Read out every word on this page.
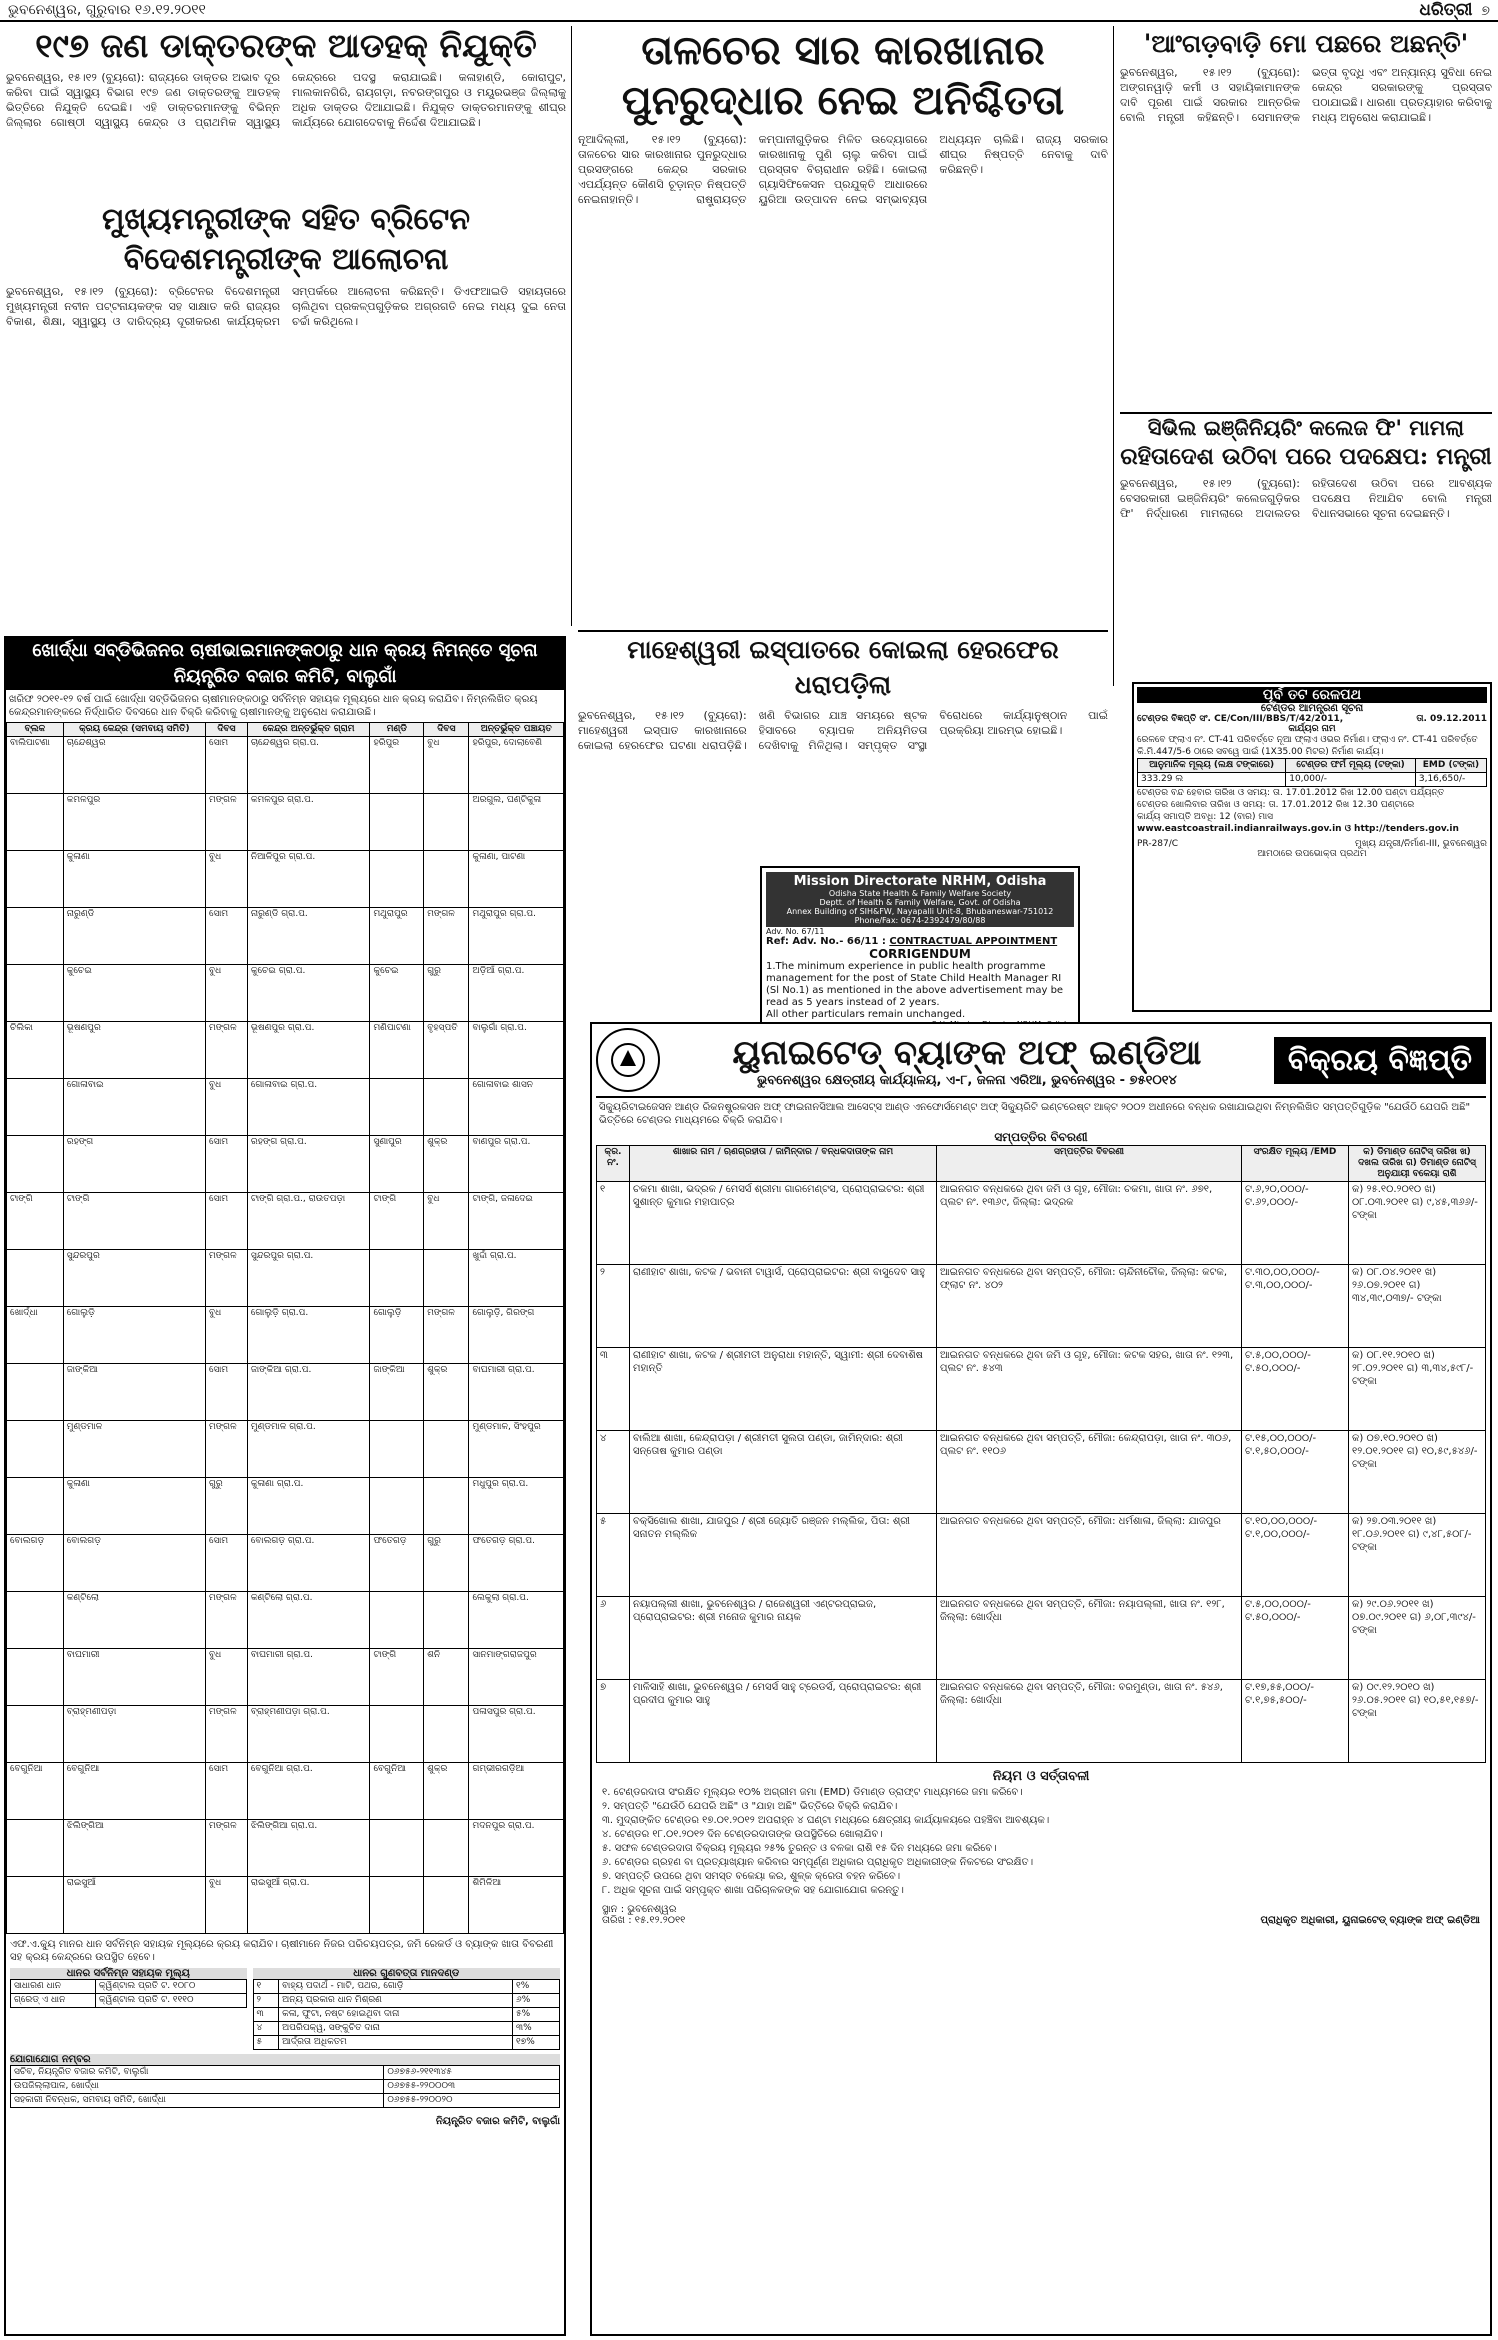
ଭୁବନେଶ୍ୱର, ଗୁରୁବାର ୧୬.୧୨.୨୦୧୧	ଧରିତ୍ରୀ ୭
୧୯୭ ଜଣ ଡାକ୍ତରଙ୍କ ଆଡହକ୍ ନିଯୁକ୍ତି
ଭୁବନେଶ୍ୱର, ୧୫।୧୨ (ବ୍ୟୁରୋ): ରାଜ୍ୟରେ ଡାକ୍ତର ଅଭାବ ଦୂର କରିବା ପାଇଁ ସ୍ୱାସ୍ଥ୍ୟ ବିଭାଗ ୧୯୭ ଜଣ ଡାକ୍ତରଙ୍କୁ ଆଡହକ୍ ଭିତ୍ତିରେ ନିଯୁକ୍ତି ଦେଇଛି। ଏହି ଡାକ୍ତରମାନଙ୍କୁ ବିଭିନ୍ନ ଜିଲ୍ଲାର ଗୋଷ୍ଠୀ ସ୍ୱାସ୍ଥ୍ୟ କେନ୍ଦ୍ର ଓ ପ୍ରାଥମିକ ସ୍ୱାସ୍ଥ୍ୟ କେନ୍ଦ୍ରରେ ପଦସ୍ଥ କରାଯାଇଛି। କଳାହାଣ୍ଡି, କୋରାପୁଟ, ମାଲକାନଗିରି, ରାୟଗଡ଼ା, ନବରଙ୍ଗପୁର ଓ ମୟୂରଭଞ୍ଜ ଜିଲ୍ଲାକୁ ଅଧିକ ଡାକ୍ତର ଦିଆଯାଇଛି। ନିଯୁକ୍ତ ଡାକ୍ତରମାନଙ୍କୁ ଶୀଘ୍ର କାର୍ଯ୍ୟରେ ଯୋଗଦେବାକୁ ନିର୍ଦ୍ଦେଶ ଦିଆଯାଇଛି।
ମୁଖ୍ୟମନ୍ତ୍ରୀଙ୍କ ସହିତ ବ୍ରିଟେନ ବିଦେଶମନ୍ତ୍ରୀଙ୍କ ଆଲୋଚନା
ଭୁବନେଶ୍ୱର, ୧୫।୧୨ (ବ୍ୟୁରୋ): ବ୍ରିଟେନର ବିଦେଶମନ୍ତ୍ରୀ ମୁଖ୍ୟମନ୍ତ୍ରୀ ନବୀନ ପଟ୍ଟନାୟକଙ୍କ ସହ ସାକ୍ଷାତ କରି ରାଜ୍ୟର ବିକାଶ, ଶିକ୍ଷା, ସ୍ୱାସ୍ଥ୍ୟ ଓ ଦାରିଦ୍ର୍ୟ ଦୂରୀକରଣ କାର୍ଯ୍ୟକ୍ରମ ସମ୍ପର୍କରେ ଆଲୋଚନା କରିଛନ୍ତି। ଡିଏଫଆଇଡି ସହାୟତାରେ ଚାଲିଥିବା ପ୍ରକଳ୍ପଗୁଡ଼ିକର ଅଗ୍ରଗତି ନେଇ ମଧ୍ୟ ଦୁଇ ନେତା ଚର୍ଚ୍ଚା କରିଥିଲେ।
ତାଳଚେର ସାର କାରଖାନାର
ପୁନରୁଦ୍ଧାର ନେଇ ଅନିଶ୍ଚିତତା
ନୂଆଦିଲ୍ଲୀ, ୧୫।୧୨ (ବ୍ୟୁରୋ): ତାଳଚେର ସାର କାରଖାନାର ପୁନରୁଦ୍ଧାର ପ୍ରସଙ୍ଗରେ କେନ୍ଦ୍ର ସରକାର ଏପର୍ଯ୍ୟନ୍ତ କୌଣସି ଚୂଡ଼ାନ୍ତ ନିଷ୍ପତ୍ତି ନେଇନାହାନ୍ତି। ରାଷ୍ଟ୍ରାୟତ୍ତ କମ୍ପାନୀଗୁଡ଼ିକର ମିଳିତ ଉଦ୍ୟୋଗରେ କାରଖାନାକୁ ପୁଣି ଚାଲୁ କରିବା ପାଇଁ ପ୍ରସ୍ତାବ ବିଚାରାଧୀନ ରହିଛି। କୋଇଲା ଗ୍ୟାସିଫିକେସନ ପ୍ରଯୁକ୍ତି ଆଧାରରେ ୟୁରିଆ ଉତ୍ପାଦନ ନେଇ ସମ୍ଭାବ୍ୟତା ଅଧ୍ୟୟନ ଚାଲିଛି। ରାଜ୍ୟ ସରକାର ଶୀଘ୍ର ନିଷ୍ପତ୍ତି ନେବାକୁ ଦାବି କରିଛନ୍ତି।
'ଆଂଗଡ଼ବାଡ଼ି ମୋ ପଛରେ ଅଛନ୍ତି'
ଭୁବନେଶ୍ୱର, ୧୫।୧୨ (ବ୍ୟୁରୋ): ଅଙ୍ଗନୱାଡ଼ି କର୍ମୀ ଓ ସହାୟିକାମାନଙ୍କ ଦାବି ପୂରଣ ପାଇଁ ସରକାର ଆନ୍ତରିକ ବୋଲି ମନ୍ତ୍ରୀ କହିଛନ୍ତି। ସେମାନଙ୍କ ଭତ୍ତା ବୃଦ୍ଧି ଏବଂ ଅନ୍ୟାନ୍ୟ ସୁବିଧା ନେଇ କେନ୍ଦ୍ର ସରକାରଙ୍କୁ ପ୍ରସ୍ତାବ ପଠାଯାଇଛି। ଧାରଣା ପ୍ରତ୍ୟାହାର କରିବାକୁ ମଧ୍ୟ ଅନୁରୋଧ କରାଯାଇଛି।
ସିଭିଲ ଇଞ୍ଜିନିୟରିଂ କଲେଜ ଫି' ମାମଲା
ରହିତାଦେଶ ଉଠିବା ପରେ ପଦକ୍ଷେପ: ମନ୍ତ୍ରୀ
ଭୁବନେଶ୍ୱର, ୧୫।୧୨ (ବ୍ୟୁରୋ): ବେସରକାରୀ ଇଞ୍ଜିନିୟରିଂ କଲେଜଗୁଡ଼ିକର ଫି' ନିର୍ଦ୍ଧାରଣ ମାମଲାରେ ଅଦାଲତର ରହିତାଦେଶ ଉଠିବା ପରେ ଆବଶ୍ୟକ ପଦକ୍ଷେପ ନିଆଯିବ ବୋଲି ମନ୍ତ୍ରୀ ବିଧାନସଭାରେ ସୂଚନା ଦେଇଛନ୍ତି।
ମାହେଶ୍ୱରୀ ଇସ୍ପାତରେ କୋଇଲା ହେରଫେର ଧରାପଡ଼ିଲା
ଭୁବନେଶ୍ୱର, ୧୫।୧୨ (ବ୍ୟୁରୋ): ମାହେଶ୍ୱରୀ ଇସ୍ପାତ କାରଖାନାରେ କୋଇଲା ହେରଫେର ଘଟଣା ଧରାପଡ଼ିଛି। ଖଣି ବିଭାଗର ଯାଞ୍ଚ ସମୟରେ ଷ୍ଟକ ହିସାବରେ ବ୍ୟାପକ ଅନିୟମିତତା ଦେଖିବାକୁ ମିଳିଥିଲା। ସମ୍ପୃକ୍ତ ସଂସ୍ଥା ବିରୋଧରେ କାର୍ଯ୍ୟାନୁଷ୍ଠାନ ପାଇଁ ପ୍ରକ୍ରିୟା ଆରମ୍ଭ ହୋଇଛି।
Mission Directorate NRHM, Odisha
Odisha State Health & Family Welfare Society
Deptt. of Health & Family Welfare, Govt. of Odisha
Annex Building of SIH&FW, Nayapalli Unit-8, Bhubaneswar-751012
Phone/Fax: 0674-2392479/80/88
Adv. No. 67/11
Ref: Adv. No.- 66/11 : CONTRACTUAL APPOINTMENT
CORRIGENDUM
1.The minimum experience in public health programme management for the post of State Child Health Manager RI (Sl No.1) as mentioned in the above advertisement may be read as 5 years instead of 2 years.
All other particulars remain unchanged.
ପୂର୍ବ ତଟ ରେଳପଥ
ଟେଣ୍ଡର ଆମନ୍ତ୍ରଣ ସୂଚନା
ଟେଣ୍ଡର ବିଜ୍ଞପ୍ତି ସଂ. CE/Con/III/BBS/T/42/2011,	ତା. 09.12.2011
କାର୍ଯ୍ୟର ନାମ
ରେଳବେ ଫ୍ଲାଏ ନଂ. CT-41 ପରିବର୍ତ୍ତେ ନୂଆ ଫ୍ଲାଏ ଓଭର ନିର୍ମାଣ। ଫ୍ଲାଏ ନଂ. CT-41 ପରିବର୍ତ୍ତେ କି.ମି.447/5-6 ଠାରେ ସବୱେ ପାଇଁ (1X35.00 ମିଟର) ନିର୍ମାଣ କାର୍ଯ୍ୟ।
ଆନୁମାନିକ ମୂଲ୍ୟ (ଲକ୍ଷ ଟଙ୍କାରେ)	ଟେଣ୍ଡର ଫର୍ମ ମୂଲ୍ୟ (ଟଙ୍କା)	EMD (ଟଙ୍କା)
333.29 ଲ	10,000/-	3,16,650/-
ଟେଣ୍ଡର ବନ୍ଦ ହେବାର ତାରିଖ ଓ ସମୟ: ତା. 17.01.2012 ରିଖ 12.00 ଘଣ୍ଟା ପର୍ଯ୍ୟନ୍ତ
ଟେଣ୍ଡର ଖୋଲିବାର ତାରିଖ ଓ ସମୟ: ତା. 17.01.2012 ରିଖ 12.30 ଘଣ୍ଟାରେ
କାର୍ଯ୍ୟ ସମାପ୍ତି ଅବଧି: 12 (ବାର) ମାସ
www.eastcoastrail.indianrailways.gov.in ଓ http://tenders.gov.in
PR-287/C	ମୁଖ୍ୟ ଯନ୍ତ୍ରୀ/ନିର୍ମାଣ-III, ଭୁବନେଶ୍ୱର
ଆମଠାରେ ଉପଭୋକ୍ତା ପ୍ରଥମ
ଖୋର୍ଦ୍ଧା ସବ୍‌ଡିଭିଜନର ଚାଷୀଭାଇମାନଙ୍କଠାରୁ ଧାନ କ୍ରୟ ନିମନ୍ତେ ସୂଚନା
ନିୟନ୍ତ୍ରିତ ବଜାର କମିଟି, ବାଲୁଗାଁ
ଖରିଫ ୨୦୧୧-୧୨ ବର୍ଷ ପାଇଁ ଖୋର୍ଦ୍ଧା ସବ୍‌ଡିଭିଜନର ଚାଷୀମାନଙ୍କଠାରୁ ସର୍ବନିମ୍ନ ସହାୟକ ମୂଲ୍ୟରେ ଧାନ କ୍ରୟ କରାଯିବ। ନିମ୍ନଲିଖିତ କ୍ରୟ କେନ୍ଦ୍ରମାନଙ୍କରେ ନିର୍ଦ୍ଧାରିତ ଦିବସରେ ଧାନ ବିକ୍ରି କରିବାକୁ ଚାଷୀମାନଙ୍କୁ ଅନୁରୋଧ କରାଯାଉଛି।
ବ୍ଲକ	କ୍ରୟ କେନ୍ଦ୍ର (ସମବାୟ ସମିତି)	ଦିବସ	କେନ୍ଦ୍ର ଅନ୍ତର୍ଭୁକ୍ତ ଗ୍ରାମ	ମଣ୍ଡି	ଦିବସ	ଅନ୍ତର୍ଭୁକ୍ତ ପଞ୍ଚାୟତ
ବାଲିପାଟଣା	ଚାନ୍ଦେଶ୍ୱର	ସୋମ	ଚାନ୍ଦେଶ୍ୱର ଗ୍ରା.ପ.	ହରିପୁର	ବୁଧ	ହରିପୁର, ଦୋଲାବେଣି
	କମଳପୁର	ମଙ୍ଗଳ	କମଳପୁର ଗ୍ରା.ପ.			ଅରଗୁଲ, ଘଣ୍ଟିକୁଳା
	କୁଳାଣା	ବୁଧ	ନିଆଳିପୁର ଗ୍ରା.ପ.			କୁଳାଣା, ପାଟଣା
	ନାରୁଣ୍ଡି	ସୋମ	ନାରୁଣ୍ଡି ଗ୍ରା.ପ.	ମଥୁରାପୁର	ମଙ୍ଗଳ	ମଥୁରାପୁର ଗ୍ରା.ପ.
	କୁଚେଇ	ବୁଧ	କୁଚେଇ ଗ୍ରା.ପ.	କୁଚେଇ	ଗୁରୁ	ଅଡ଼ିଆଁ ଗ୍ରା.ପ.
ଚିଲିକା	ଭୂଷଣପୁର	ମଙ୍ଗଳ	ଭୂଷଣପୁର ଗ୍ରା.ପ.	ମଣିପାଟଣା	ବୃହସ୍ପତି	ବାଲୁଗାଁ ଗ୍ରା.ପ.
	ଗୋଳାବାଇ	ବୁଧ	ଗୋଳାବାଇ ଗ୍ରା.ପ.			ଗୋଳାବାଇ ଶାସନ
	ରହଙ୍ଗ	ସୋମ	ରହଙ୍ଗ ଗ୍ରା.ପ.	ସୁଣାପୁର	ଶୁକ୍ର	ବାଣପୁର ଗ୍ରା.ପ.
ଟାଙ୍ଗି	ଟାଙ୍ଗି	ସୋମ	ଟାଙ୍ଗି ଗ୍ରା.ପ., ରାଉତପଡ଼ା	ଟାଙ୍ଗି	ବୁଧ	ଟାଙ୍ଗି, ଜଳାଦେଇ
	ସୁନ୍ଦରପୁର	ମଙ୍ଗଳ	ସୁନ୍ଦରପୁର ଗ୍ରା.ପ.			ଖୁର୍ଦ୍ଦା ଗ୍ରା.ପ.
ଖୋର୍ଦ୍ଧା	ଗୋଲୁଡ଼ି	ବୁଧ	ଗୋଲୁଡ଼ି ଗ୍ରା.ପ.	ଗୋଲୁଡ଼ି	ମଙ୍ଗଳ	ଗୋଲୁଡ଼ି, ଗିରଙ୍ଗ
	ଜାଙ୍କିଆ	ସୋମ	ଜାଙ୍କିଆ ଗ୍ରା.ପ.	ଜାଙ୍କିଆ	ଶୁକ୍ର	ବାଘମାରୀ ଗ୍ରା.ପ.
	ମୁଣ୍ଡମାଳ	ମଙ୍ଗଳ	ମୁଣ୍ଡମାଳ ଗ୍ରା.ପ.			ମୁଣ୍ଡମାଳ, ସିଂହପୁର
	କୁଳାଣା	ଗୁରୁ	କୁଳାଣା ଗ୍ରା.ପ.			ମଧୁପୁର ଗ୍ରା.ପ.
ବୋଲଗଡ଼	ବୋଲଗଡ଼	ସୋମ	ବୋଲଗଡ଼ ଗ୍ରା.ପ.	ଫତେଗଡ଼	ଗୁରୁ	ଫତେଗଡ଼ ଗ୍ରା.ପ.
	କଣ୍ଟିଲୋ	ମଙ୍ଗଳ	କଣ୍ଟିଲୋ ଗ୍ରା.ପ.			ଲେକୁଲା ଗ୍ରା.ପ.
	ବାଘମାରୀ	ବୁଧ	ବାଘମାରୀ ଗ୍ରା.ପ.	ଟାଙ୍ଗି	ଶନି	ସାନମାଙ୍ଗରାଜପୁର
	ବ୍ରାହ୍ମଣୀପଡ଼ା	ମଙ୍ଗଳ	ବ୍ରାହ୍ମଣୀପଡ଼ା ଗ୍ରା.ପ.			ପଳାସପୁର ଗ୍ରା.ପ.
ବେଗୁନିଆ	ବେଗୁନିଆ	ସୋମ	ବେଗୁନିଆ ଗ୍ରା.ପ.	ବେଗୁନିଆ	ଶୁକ୍ର	ଗମ୍ଭୀରଗଡ଼ିଆ
	ଝିଲିଙ୍ଗିଆ	ମଙ୍ଗଳ	ଝିଲିଙ୍ଗିଆ ଗ୍ରା.ପ.			ମଦନପୁର ଗ୍ରା.ପ.
	ରାଇସୁଆଁ	ବୁଧ	ରାଇସୁଆଁ ଗ୍ରା.ପ.			ଶିମିଳିଆ
ଏଫ.ଏ.କ୍ୟୁ ମାନର ଧାନ ସର୍ବନିମ୍ନ ସହାୟକ ମୂଲ୍ୟରେ କ୍ରୟ କରାଯିବ। ଚାଷୀମାନେ ନିଜର ପରିଚୟପତ୍ର, ଜମି ରେକର୍ଡ ଓ ବ୍ୟାଙ୍କ ଖାତା ବିବରଣୀ ସହ କ୍ରୟ କେନ୍ଦ୍ରରେ ଉପସ୍ଥିତ ହେବେ।
ଧାନର ସର୍ବନିମ୍ନ ସହାୟକ ମୂଲ୍ୟ
ସାଧାରଣ ଧାନ	କ୍ୱିଣ୍ଟାଲ ପ୍ରତି ଟ. ୧୦୮୦
ଗ୍ରେଡ୍ ଏ ଧାନ	କ୍ୱିଣ୍ଟାଲ ପ୍ରତି ଟ. ୧୧୧୦
ଧାନର ଗୁଣବତ୍ତା ମାନଦଣ୍ଡ
୧	ବାହ୍ୟ ପଦାର୍ଥ - ମାଟି, ପଥର, ଗୋଡ଼ି	୧%
୨	ଅନ୍ୟ ପ୍ରକାର ଧାନ ମିଶ୍ରଣ	୬%
୩	କଳା, ଫୁଟା, ନଷ୍ଟ ହୋଇଥିବା ଦାନା	୫%
୪	ଅପରିପକ୍ୱ, ସଙ୍କୁଚିତ ଦାନା	୩%
୫	ଆର୍ଦ୍ରତା ଅଧିକତମ	୧୭%
ଯୋଗାଯୋଗ ନମ୍ବର
ସଚିବ, ନିୟନ୍ତ୍ରିତ ବଜାର କମିଟି, ବାଲୁଗାଁ	୦୬୭୫୬-୨୧୧୩୪୫
ଉପଜିଲ୍ଲାପାଳ, ଖୋର୍ଦ୍ଧା	୦୬୭୫୫-୨୨୦୦୦୩
ସହକାରୀ ନିବନ୍ଧକ, ସମବାୟ ସମିତି, ଖୋର୍ଦ୍ଧା	୦୬୭୫୫-୨୨୦୦୨୦
ନିୟନ୍ତ୍ରିତ ବଜାର କମିଟି, ବାଲୁଗାଁ
ୟୁନାଇଟେଡ୍ ବ୍ୟାଙ୍କ ଅଫ୍ ଇଣ୍ଡିଆ
ଭୁବନେଶ୍ୱର କ୍ଷେତ୍ରୀୟ କାର୍ଯ୍ୟାଳୟ, ଏ-୮, ଜଳନା ଏରିଆ, ଭୁବନେଶ୍ୱର - ୭୫୧୦୧୪
ବିକ୍ରୟ ବିଜ୍ଞପ୍ତି
ସିକ୍ୟୁରିଟାଇଜେସନ ଆଣ୍ଡ ରିକନଷ୍ଟ୍ରକସନ ଅଫ୍ ଫାଇନାନସିଆଲ ଆସେଟ୍ସ ଆଣ୍ଡ ଏନଫୋର୍ସମେଣ୍ଟ ଅଫ୍ ସିକ୍ୟୁରିଟି ଇଣ୍ଟରେଷ୍ଟ ଆକ୍ଟ ୨୦୦୨ ଅଧୀନରେ ବନ୍ଧକ ରଖାଯାଇଥିବା ନିମ୍ନଲିଖିତ ସମ୍ପତ୍ତିଗୁଡ଼ିକ "ଯେଉଁଠି ଯେପରି ଅଛି" ଭିତ୍ତିରେ ଟେଣ୍ଡର ମାଧ୍ୟମରେ ବିକ୍ରି କରାଯିବ।
ସମ୍ପତ୍ତିର ବିବରଣୀ
କ୍ର. ନଂ.	ଶାଖାର ନାମ / ଋଣଗ୍ରହୀତା / ଜାମିନ୍‌ଦାର / ବନ୍ଧକଦାତାଙ୍କ ନାମ	ସମ୍ପତ୍ତିର ବିବରଣୀ	ସଂରକ୍ଷିତ ମୂଲ୍ୟ /EMD	କ) ଡିମାଣ୍ଡ ନୋଟିସ୍ ତାରିଖ ଖ) ଦଖଲ ତାରିଖ ଗ) ଡିମାଣ୍ଡ ନୋଟିସ୍ ଅନୁଯାୟୀ ବକେୟା ରାଶି
୧	ଚକମା ଶାଖା, ଭଦ୍ରକ / ମେସର୍ସ ଶ୍ରୀମା ଗାରମେଣ୍ଟସ, ପ୍ରୋପ୍ରାଇଟର: ଶ୍ରୀ ସୁଶାନ୍ତ କୁମାର ମହାପାତ୍ର	ଆଇନଗତ ବନ୍ଧକରେ ଥିବା ଜମି ଓ ଗୃହ, ମୌଜା: ଚକମା, ଖାତା ନଂ. ୬୭୧, ପ୍ଲଟ ନଂ. ୧୩୬୯, ଜିଲ୍ଲା: ଭଦ୍ରକ	ଟ.୬,୨୦,୦୦୦/- ଟ.୬୨,୦୦୦/-	କ) ୨୫.୧୦.୨୦୧୦ ଖ) ୦୮.୦୩.୨୦୧୧ ଗ) ୯,୪୫,୩୬୬/- ଟଙ୍କା
୨	ରାଣୀହାଟ ଶାଖା, କଟକ / ଭବାନୀ ଟାୱାର୍ସ, ପ୍ରୋପ୍ରାଇଟର: ଶ୍ରୀ ବାସୁଦେବ ସାହୁ	ଆଇନଗତ ବନ୍ଧକରେ ଥିବା ସମ୍ପତ୍ତି, ମୌଜା: ଚାନ୍ଦିନୀଚୌକ, ଜିଲ୍ଲା: କଟକ, ଫ୍ଲାଟ ନଂ. ୪୦୨	ଟ.୩୦,୦୦,୦୦୦/- ଟ.୩,୦୦,୦୦୦/-	କ) ୦୮.୦୪.୨୦୧୧ ଖ) ୨୬.୦୭.୨୦୧୧ ଗ) ୩୪,୩୯,୦୩୭/- ଟଙ୍କା
୩	ରାଣୀହାଟ ଶାଖା, କଟକ / ଶ୍ରୀମତୀ ଅନୁରାଧା ମହାନ୍ତି, ସ୍ୱାମୀ: ଶ୍ରୀ ଦେବାଶିଷ ମହାନ୍ତି	ଆଇନଗତ ବନ୍ଧକରେ ଥିବା ଜମି ଓ ଗୃହ, ମୌଜା: କଟକ ସହର, ଖାତା ନଂ. ୧୨୩, ପ୍ଲଟ ନଂ. ୫୪୩	ଟ.୫,୦୦,୦୦୦/- ଟ.୫୦,୦୦୦/-	କ) ୦୮.୧୧.୨୦୧୦ ଖ) ୨୮.୦୨.୨୦୧୧ ଗ) ୩,୩୪,୫୯୮/- ଟଙ୍କା
୪	ବାଲିଆ ଶାଖା, କେନ୍ଦ୍ରାପଡ଼ା / ଶ୍ରୀମତୀ ସୁଲତା ପଣ୍ଡା, ଜାମିନ୍‌ଦାର: ଶ୍ରୀ ସନ୍ତୋଷ କୁମାର ପଣ୍ଡା	ଆଇନଗତ ବନ୍ଧକରେ ଥିବା ସମ୍ପତ୍ତି, ମୌଜା: କେନ୍ଦ୍ରାପଡ଼ା, ଖାତା ନଂ. ୩୦୬, ପ୍ଲଟ ନଂ. ୧୧୦୬	ଟ.୧୫,୦୦,୦୦୦/- ଟ.୧,୫୦,୦୦୦/-	କ) ୦୭.୧୦.୨୦୧୦ ଖ) ୧୨.୦୧.୨୦୧୧ ଗ) ୧୦,୫୯,୫୪୬/- ଟଙ୍କା
୫	ବକ୍ସିଖୋଲ ଶାଖା, ଯାଜପୁର / ଶ୍ରୀ ଜ୍ୟୋତି ରଞ୍ଜନ ମଲ୍ଲିକ, ପିତା: ଶ୍ରୀ ସନାତନ ମଲ୍ଲିକ	ଆଇନଗତ ବନ୍ଧକରେ ଥିବା ସମ୍ପତ୍ତି, ମୌଜା: ଧର୍ମଶାଳା, ଜିଲ୍ଲା: ଯାଜପୁର	ଟ.୧୦,୦୦,୦୦୦/- ଟ.୧,୦୦,୦୦୦/-	କ) ୨୭.୦୩.୨୦୧୧ ଖ) ୧୮.୦୬.୨୦୧୧ ଗ) ୯,୪୮,୫୦୮/- ଟଙ୍କା
୬	ନୟାପଲ୍ଲୀ ଶାଖା, ଭୁବନେଶ୍ୱର / ରାଜେଶ୍ୱରୀ ଏଣ୍ଟରପ୍ରାଇଜ, ପ୍ରୋପ୍ରାଇଟର: ଶ୍ରୀ ମନୋଜ କୁମାର ନାୟକ	ଆଇନଗତ ବନ୍ଧକରେ ଥିବା ସମ୍ପତ୍ତି, ମୌଜା: ନୟାପଲ୍ଲୀ, ଖାତା ନଂ. ୧୨୮, ଜିଲ୍ଲା: ଖୋର୍ଦ୍ଧା	ଟ.୫,୦୦,୦୦୦/- ଟ.୫୦,୦୦୦/-	କ) ୨୯.୦୬.୨୦୧୧ ଖ) ୦୭.୦୯.୨୦୧୧ ଗ) ୬,୦୮,୩୯୪/- ଟଙ୍କା
୭	ମାଳିସାହି ଶାଖା, ଭୁବନେଶ୍ୱର / ମେସର୍ସ ସାହୁ ଟ୍ରେଡର୍ସ, ପ୍ରୋପ୍ରାଇଟର: ଶ୍ରୀ ପ୍ରଦୀପ କୁମାର ସାହୁ	ଆଇନଗତ ବନ୍ଧକରେ ଥିବା ସମ୍ପତ୍ତି, ମୌଜା: ବରମୁଣ୍ଡା, ଖାତା ନଂ. ୫୪୬, ଜିଲ୍ଲା: ଖୋର୍ଦ୍ଧା	ଟ.୧୭,୫୫,୦୦୦/- ଟ.୧,୭୫,୫୦୦/-	କ) ୦୯.୧୨.୨୦୧୦ ଖ) ୨୬.୦୫.୨୦୧୧ ଗ) ୧୦,୫୧,୧୫୭/- ଟଙ୍କା
ନିୟମ ଓ ସର୍ତ୍ତାବଳୀ
୧. ଟେଣ୍ଡରଦାତା ସଂରକ୍ଷିତ ମୂଲ୍ୟର ୧୦% ଅଗ୍ରୀମ ଜମା (EMD) ଡିମାଣ୍ଡ ଡ୍ରାଫ୍ଟ ମାଧ୍ୟମରେ ଜମା କରିବେ।
୨. ସମ୍ପତ୍ତି "ଯେଉଁଠି ଯେପରି ଅଛି" ଓ "ଯାହା ଅଛି" ଭିତ୍ତିରେ ବିକ୍ରି କରାଯିବ।
୩. ମୁଦ୍ରାଙ୍କିତ ଟେଣ୍ଡର ୧୭.୦୧.୨୦୧୨ ଅପରାହ୍ନ ୪ ଘଣ୍ଟା ମଧ୍ୟରେ କ୍ଷେତ୍ରୀୟ କାର୍ଯ୍ୟାଳୟରେ ପହଞ୍ଚିବା ଆବଶ୍ୟକ।
୪. ଟେଣ୍ଡର ୧୮.୦୧.୨୦୧୨ ଦିନ ଟେଣ୍ଡରଦାତାଙ୍କ ଉପସ୍ଥିତିରେ ଖୋଲାଯିବ।
୫. ସଫଳ ଟେଣ୍ଡରଦାତା ବିକ୍ରୟ ମୂଲ୍ୟର ୨୫% ତୁରନ୍ତ ଓ ବଳକା ରାଶି ୧୫ ଦିନ ମଧ୍ୟରେ ଜମା କରିବେ।
୬. ଟେଣ୍ଡର ଗ୍ରହଣ ବା ପ୍ରତ୍ୟାଖ୍ୟାନ କରିବାର ସମ୍ପୂର୍ଣ୍ଣ ଅଧିକାର ପ୍ରାଧିକୃତ ଅଧିକାରୀଙ୍କ ନିକଟରେ ସଂରକ୍ଷିତ।
୭. ସମ୍ପତ୍ତି ଉପରେ ଥିବା ସମସ୍ତ ବକେୟା କର, ଶୁଳ୍କ କ୍ରେତା ବହନ କରିବେ।
୮. ଅଧିକ ସୂଚନା ପାଇଁ ସମ୍ପୃକ୍ତ ଶାଖା ପରିଚାଳକଙ୍କ ସହ ଯୋଗାଯୋଗ କରନ୍ତୁ।
ସ୍ଥାନ : ଭୁବନେଶ୍ୱର
ତାରିଖ : ୧୫.୧୨.୨୦୧୧	ପ୍ରାଧିକୃତ ଅଧିକାରୀ, ୟୁନାଇଟେଡ୍ ବ୍ୟାଙ୍କ ଅଫ୍ ଇଣ୍ଡିଆ
